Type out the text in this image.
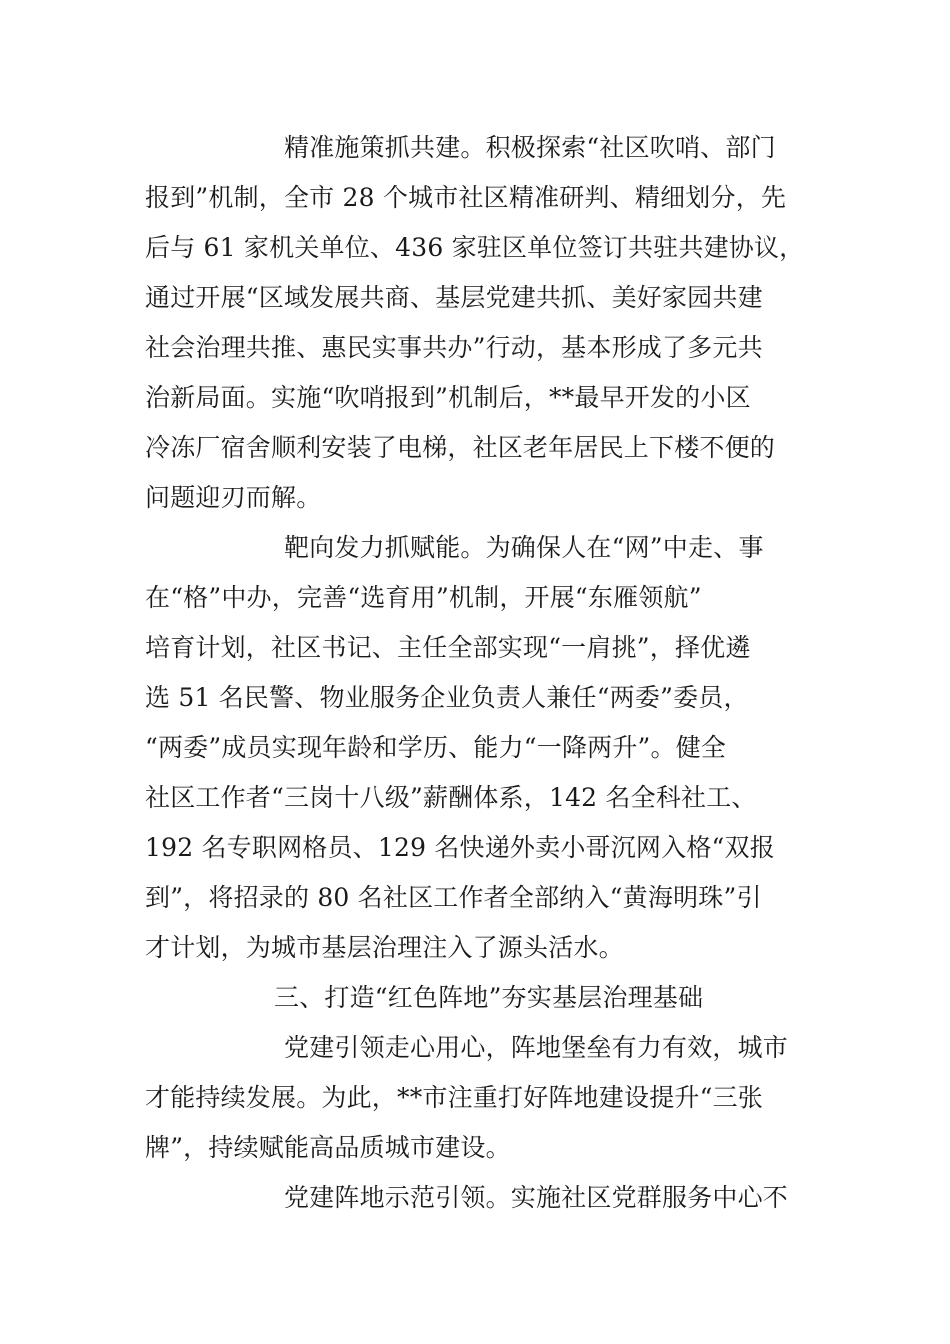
精准施策抓共建。积极探索“社区吹哨、部门
报到”机制，全市 28 个城市社区精准研判、精细划分，先
后与 61 家机关单位、436 家驻区单位签订共驻共建协议，
通过开展“区域发展共商、基层党建共抓、美好家园共建
社会治理共推、惠民实事共办”行动，基本形成了多元共
治新局面。实施“吹哨报到”机制后，**最早开发的小区
冷冻厂宿舍顺利安装了电梯，社区老年居民上下楼不便的
问题迎刃而解。
靶向发力抓赋能。为确保人在“网”中走、事
在“格”中办，完善“选育用”机制，开展“东雁领航”
培育计划，社区书记、主任全部实现“一肩挑”，择优遴
选 51 名民警、物业服务企业负责人兼任“两委”委员，
“两委”成员实现年龄和学历、能力“一降两升”。健全
社区工作者“三岗十八级”薪酬体系，142 名全科社工、
192 名专职网格员、129 名快递外卖小哥沉网入格“双报
到”，将招录的 80 名社区工作者全部纳入“黄海明珠”引
才计划，为城市基层治理注入了源头活水。
三、打造“红色阵地”夯实基层治理基础
党建引领走心用心，阵地堡垒有力有效，城市
才能持续发展。为此，**市注重打好阵地建设提升“三张
牌”，持续赋能高品质城市建设。
党建阵地示范引领。实施社区党群服务中心不
